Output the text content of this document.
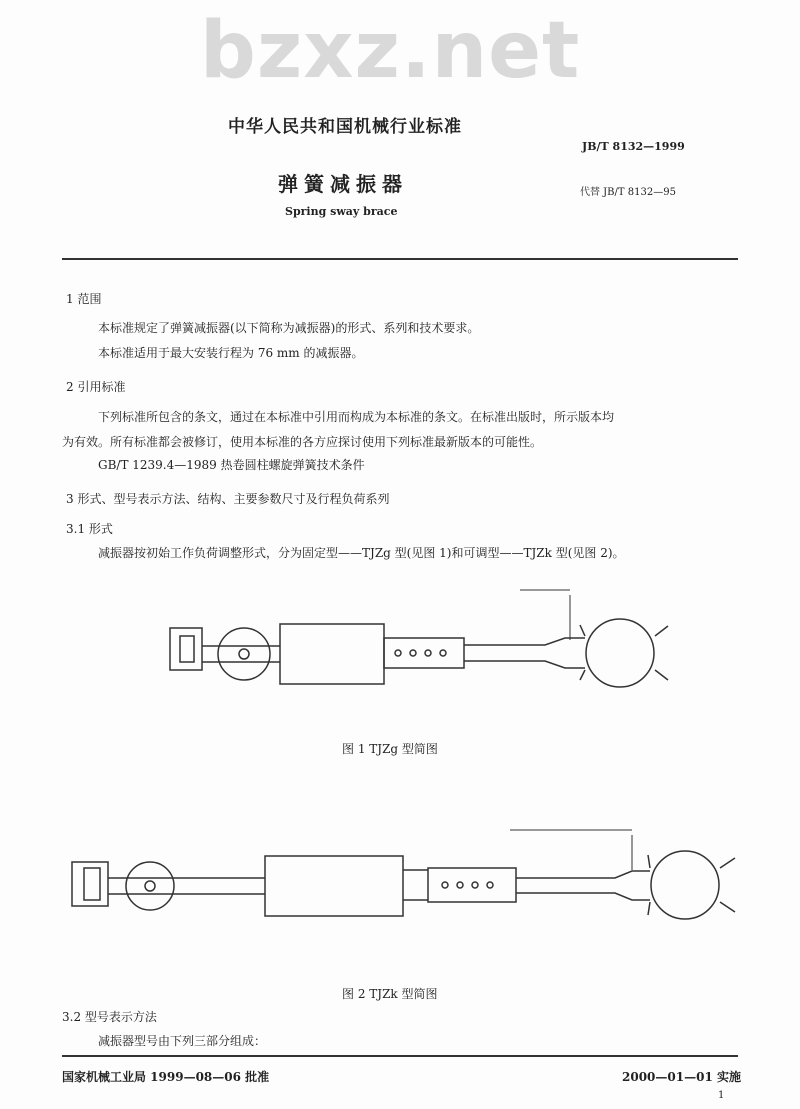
bzxz.net
中华人民共和国机械行业标准
JB/T 8132—1999
弹簧减振器	代替 JB/T 8132—95
Spring sway brace
1 范围
本标准规定了弹簧减振器(以下简称为减振器)的形式、系列和技术要求。
本标准适用于最大安装行程为 76 mm 的减振器。
2 引用标准
下列标准所包含的条文，通过在本标准中引用而构成为本标准的条文。在标准出版时，所示版本均
为有效。所有标准都会被修订，使用本标准的各方应探讨使用下列标准最新版本的可能性。
GB/T 1239.4—1989 热卷圆柱螺旋弹簧技术条件
3 形式、型号表示方法、结构、主要参数尺寸及行程负荷系列
3.1 形式
减振器按初始工作负荷调整形式，分为固定型——TJZg 型(见图 1)和可调型——TJZk 型(见图 2)。
图 1 TJZg 型简图
图 2 TJZk 型简图
3.2 型号表示方法
减振器型号由下列三部分组成：
国家机械工业局 1999—08—06 批准	2000—01—01 实施
1
